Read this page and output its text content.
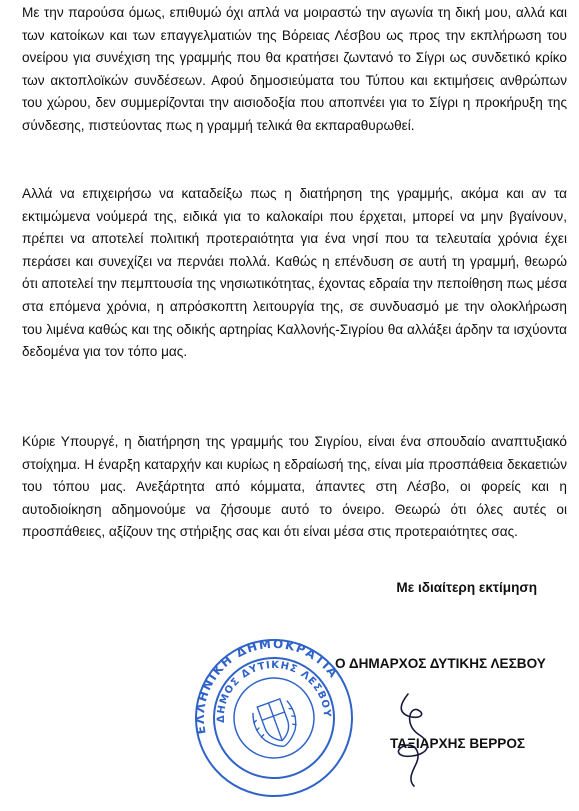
Με την παρούσα όμως, επιθυμώ όχι απλά να μοιραστώ την αγωνία τη δική μου, αλλά και των κατοίκων και των επαγγελματιών της Βόρειας Λέσβου ως προς την εκπλήρωση του ονείρου για συνέχιση της γραμμής που θα κρατήσει ζωντανό το Σίγρι ως συνδετικό κρίκο των ακτοπλοϊκών συνδέσεων. Αφού δημοσιεύματα του Τύπου και εκτιμήσεις ανθρώπων του χώρου, δεν συμμερίζονται την αισιοδοξία που αποπνέει για το Σίγρι η προκήρυξη της σύνδεσης, πιστεύοντας πως η γραμμή τελικά θα εκπαραθυρωθεί.

Αλλά να επιχειρήσω να καταδείξω πως η διατήρηση της γραμμής, ακόμα και αν τα εκτιμώμενα νούμερά της, ειδικά για το καλοκαίρι που έρχεται, μπορεί να μην βγαίνουν, πρέπει να αποτελεί πολιτική προτεραιότητα για ένα νησί που τα τελευταία χρόνια έχει περάσει και συνεχίζει να περνάει πολλά. Καθώς η επένδυση σε αυτή τη γραμμή, θεωρώ ότι αποτελεί την πεμπτουσία της νησιωτικότητας, έχοντας εδραία την πεποίθηση πως μέσα στα επόμενα χρόνια, η απρόσκοπτη λειτουργία της, σε συνδυασμό με την ολοκλήρωση του λιμένα καθώς και της οδικής αρτηρίας Καλλονής-Σιγρίου θα αλλάξει άρδην τα ισχύοντα δεδομένα για τον τόπο μας.

Κύριε Υπουργέ, η διατήρηση της γραμμής του Σιγρίου, είναι ένα σπουδαίο αναπτυξιακό στοίχημα. Η έναρξη καταρχήν και κυρίως η εδραίωσή της, είναι μία προσπάθεια δεκαετιών του τόπου μας. Ανεξάρτητα από κόμματα, άπαντες στη Λέσβο, οι φορείς και η αυτοδιοίκηση αδημονούμε να ζήσουμε αυτό το όνειρο. Θεωρώ ότι όλες αυτές οι προσπάθειες, αξίζουν της στήριξης σας και ότι είναι μέσα στις προτεραιότητες σας.

Με ιδιαίτερη εκτίμηση

ΕΛΛΗΝΙΚΗ ΔΗΜΟΚΡΑΤΙΑ
ΔΗΜΟΣ ΔΥΤΙΚΗΣ ΛΕΣΒΟΥ

Ο ΔΗΜΑΡΧΟΣ ΔΥΤΙΚΗΣ ΛΕΣΒΟΥ

ΤΑΞΙΑΡΧΗΣ ΒΕΡΡΟΣ
